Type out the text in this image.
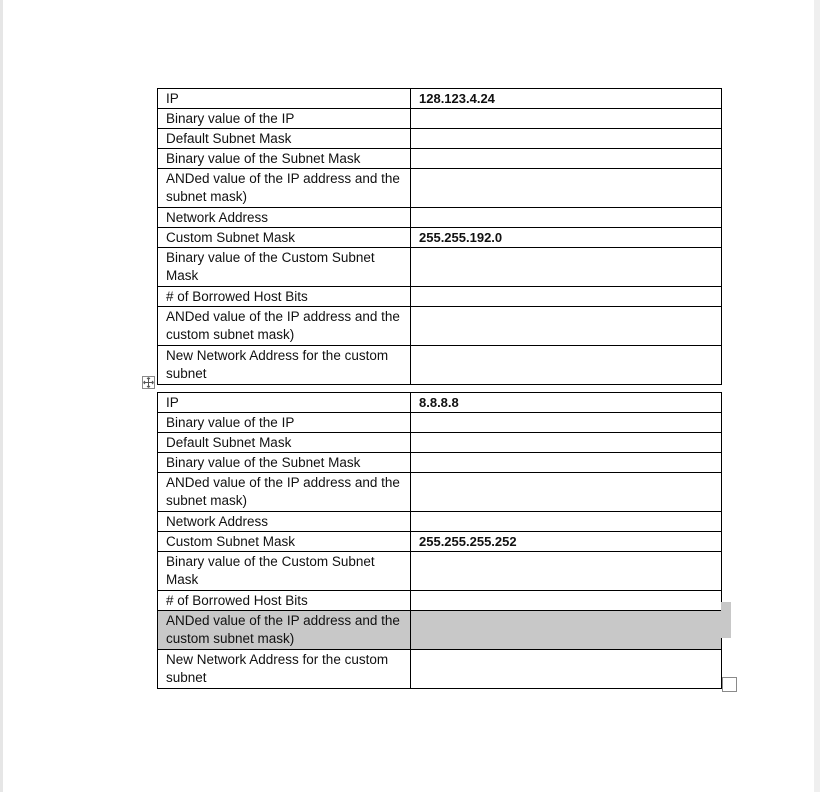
IP	128.123.4.24
Binary value of the IP	
Default Subnet Mask	
Binary value of the Subnet Mask	
ANDed value of the IP address and the subnet mask)	
Network Address	
Custom Subnet Mask	255.255.192.0
Binary value of the Custom Subnet Mask	
# of Borrowed Host Bits	
ANDed value of the IP address and the custom subnet mask)	
New Network Address for the custom subnet	
IP	8.8.8.8
Binary value of the IP	
Default Subnet Mask	
Binary value of the Subnet Mask	
ANDed value of the IP address and the subnet mask)	
Network Address	
Custom Subnet Mask	255.255.255.252
Binary value of the Custom Subnet Mask	
# of Borrowed Host Bits	
ANDed value of the IP address and the custom subnet mask)	
New Network Address for the custom subnet	
